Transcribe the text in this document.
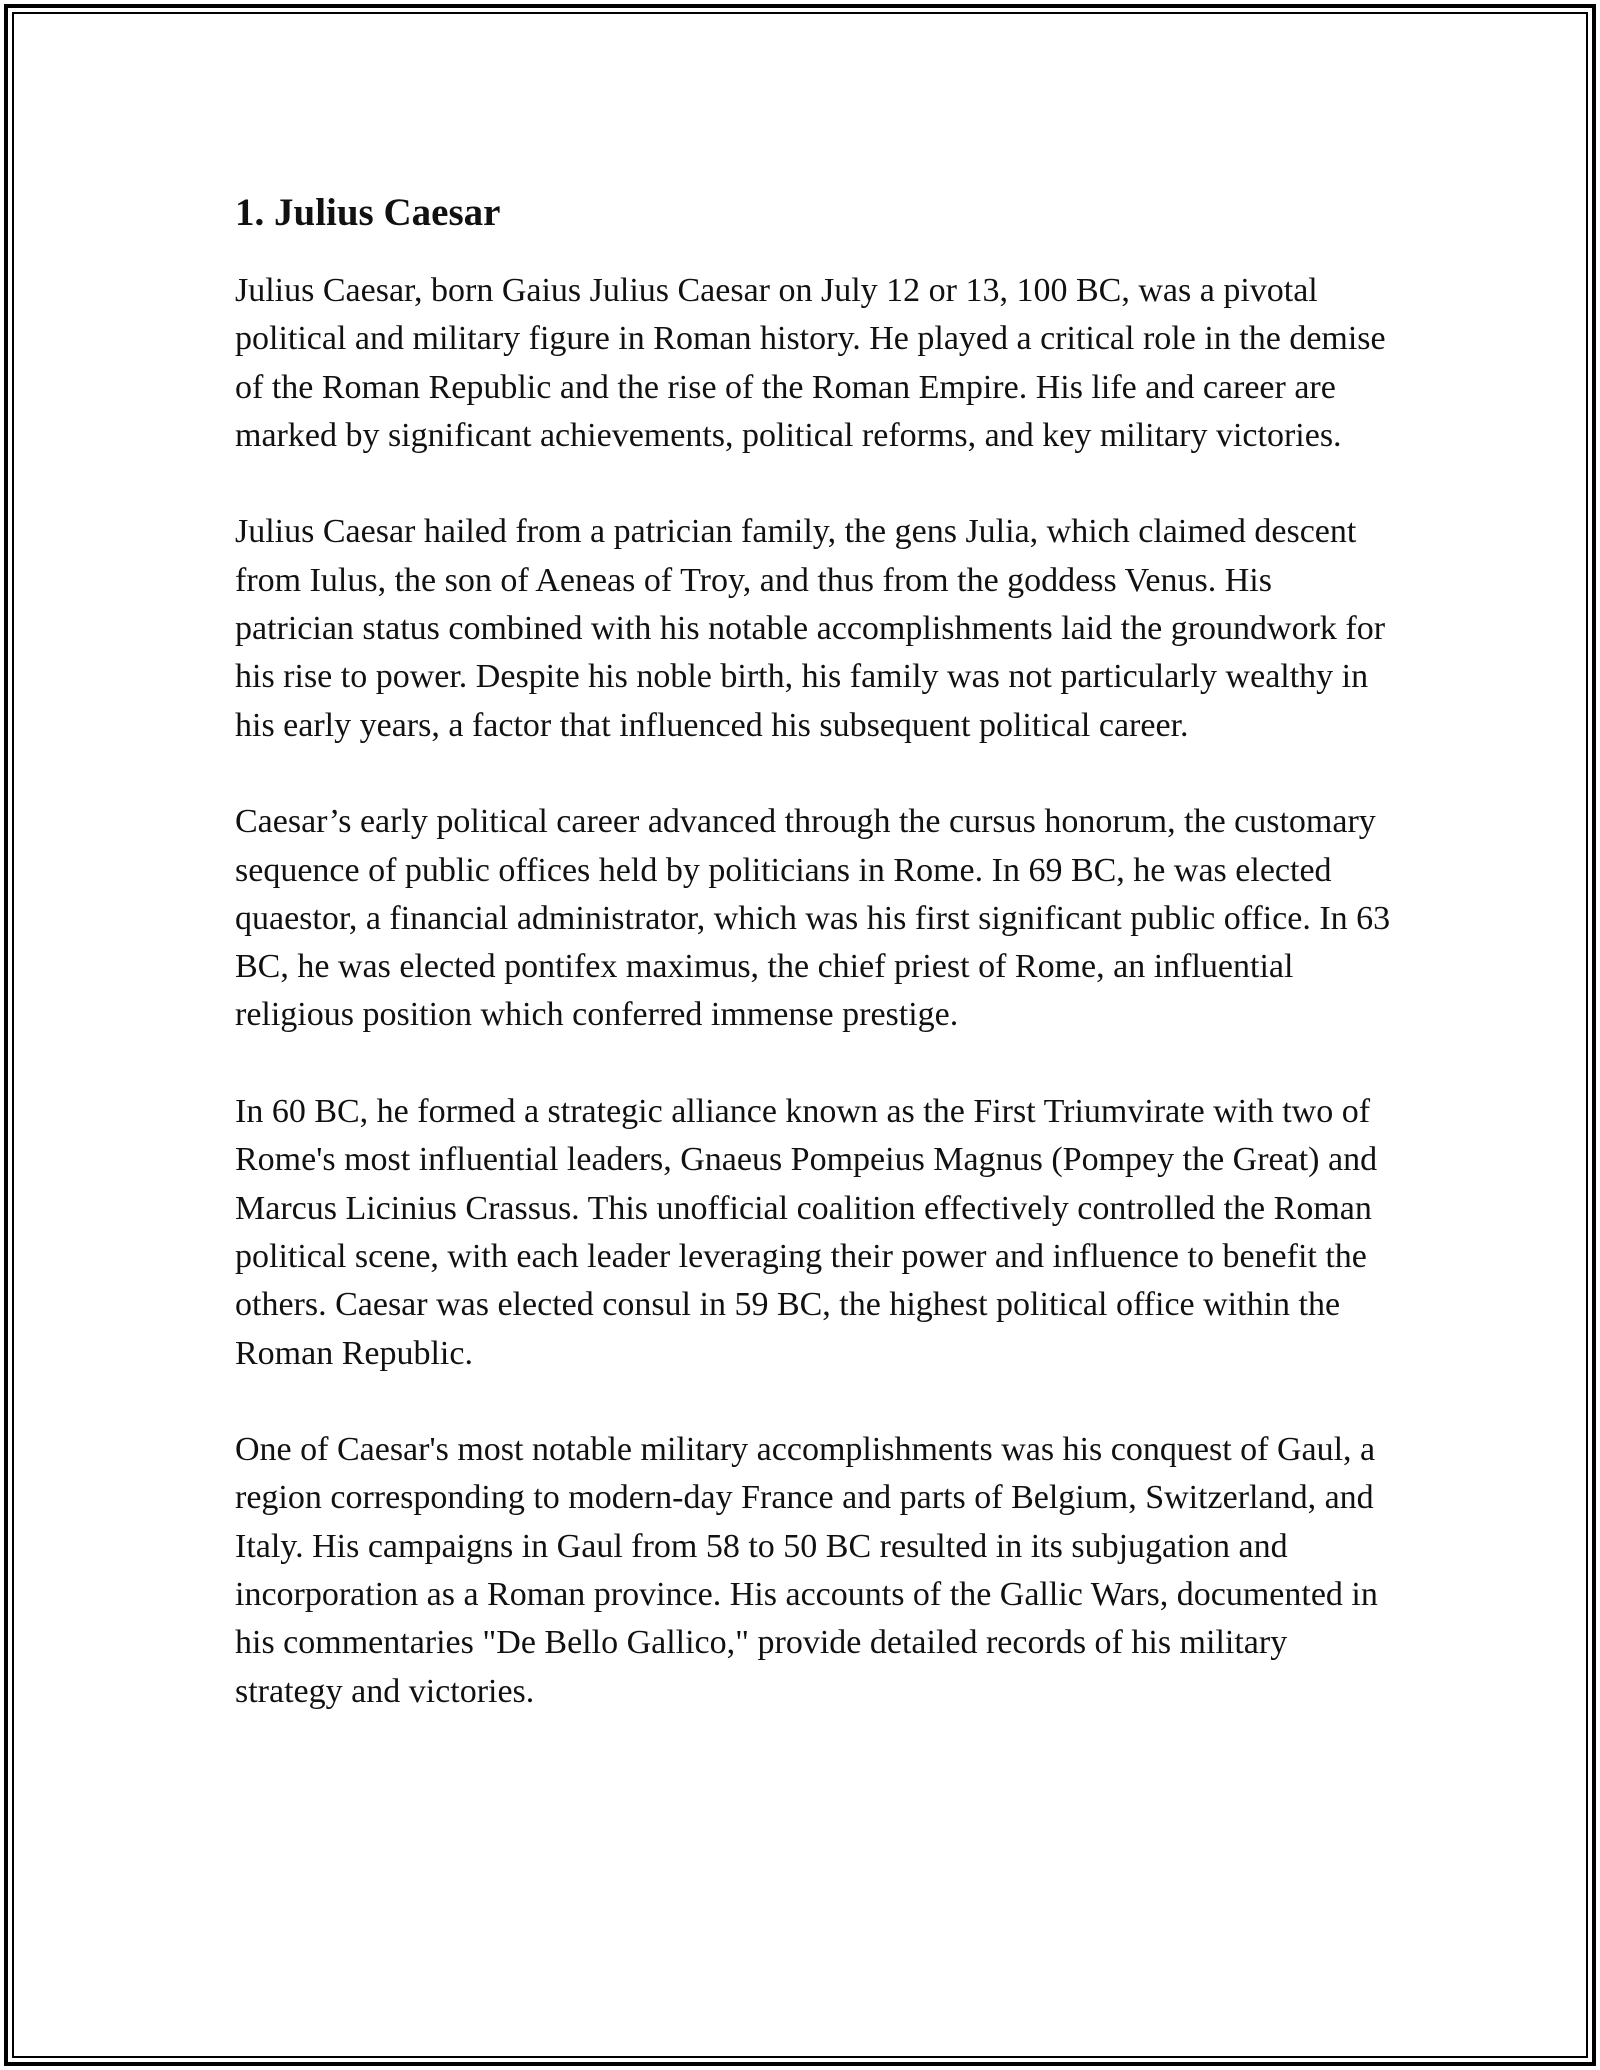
1. Julius Caesar

Julius Caesar, born Gaius Julius Caesar on July 12 or 13, 100 BC, was a pivotal political and military figure in Roman history. He played a critical role in the demise of the Roman Republic and the rise of the Roman Empire. His life and career are marked by significant achievements, political reforms, and key military victories.

Julius Caesar hailed from a patrician family, the gens Julia, which claimed descent from Iulus, the son of Aeneas of Troy, and thus from the goddess Venus. His patrician status combined with his notable accomplishments laid the groundwork for his rise to power. Despite his noble birth, his family was not particularly wealthy in his early years, a factor that influenced his subsequent political career.

Caesar’s early political career advanced through the cursus honorum, the customary sequence of public offices held by politicians in Rome. In 69 BC, he was elected quaestor, a financial administrator, which was his first significant public office. In 63 BC, he was elected pontifex maximus, the chief priest of Rome, an influential religious position which conferred immense prestige.

In 60 BC, he formed a strategic alliance known as the First Triumvirate with two of Rome's most influential leaders, Gnaeus Pompeius Magnus (Pompey the Great) and Marcus Licinius Crassus. This unofficial coalition effectively controlled the Roman political scene, with each leader leveraging their power and influence to benefit the others. Caesar was elected consul in 59 BC, the highest political office within the Roman Republic.

One of Caesar's most notable military accomplishments was his conquest of Gaul, a region corresponding to modern-day France and parts of Belgium, Switzerland, and Italy. His campaigns in Gaul from 58 to 50 BC resulted in its subjugation and incorporation as a Roman province. His accounts of the Gallic Wars, documented in his commentaries "De Bello Gallico," provide detailed records of his military strategy and victories.
